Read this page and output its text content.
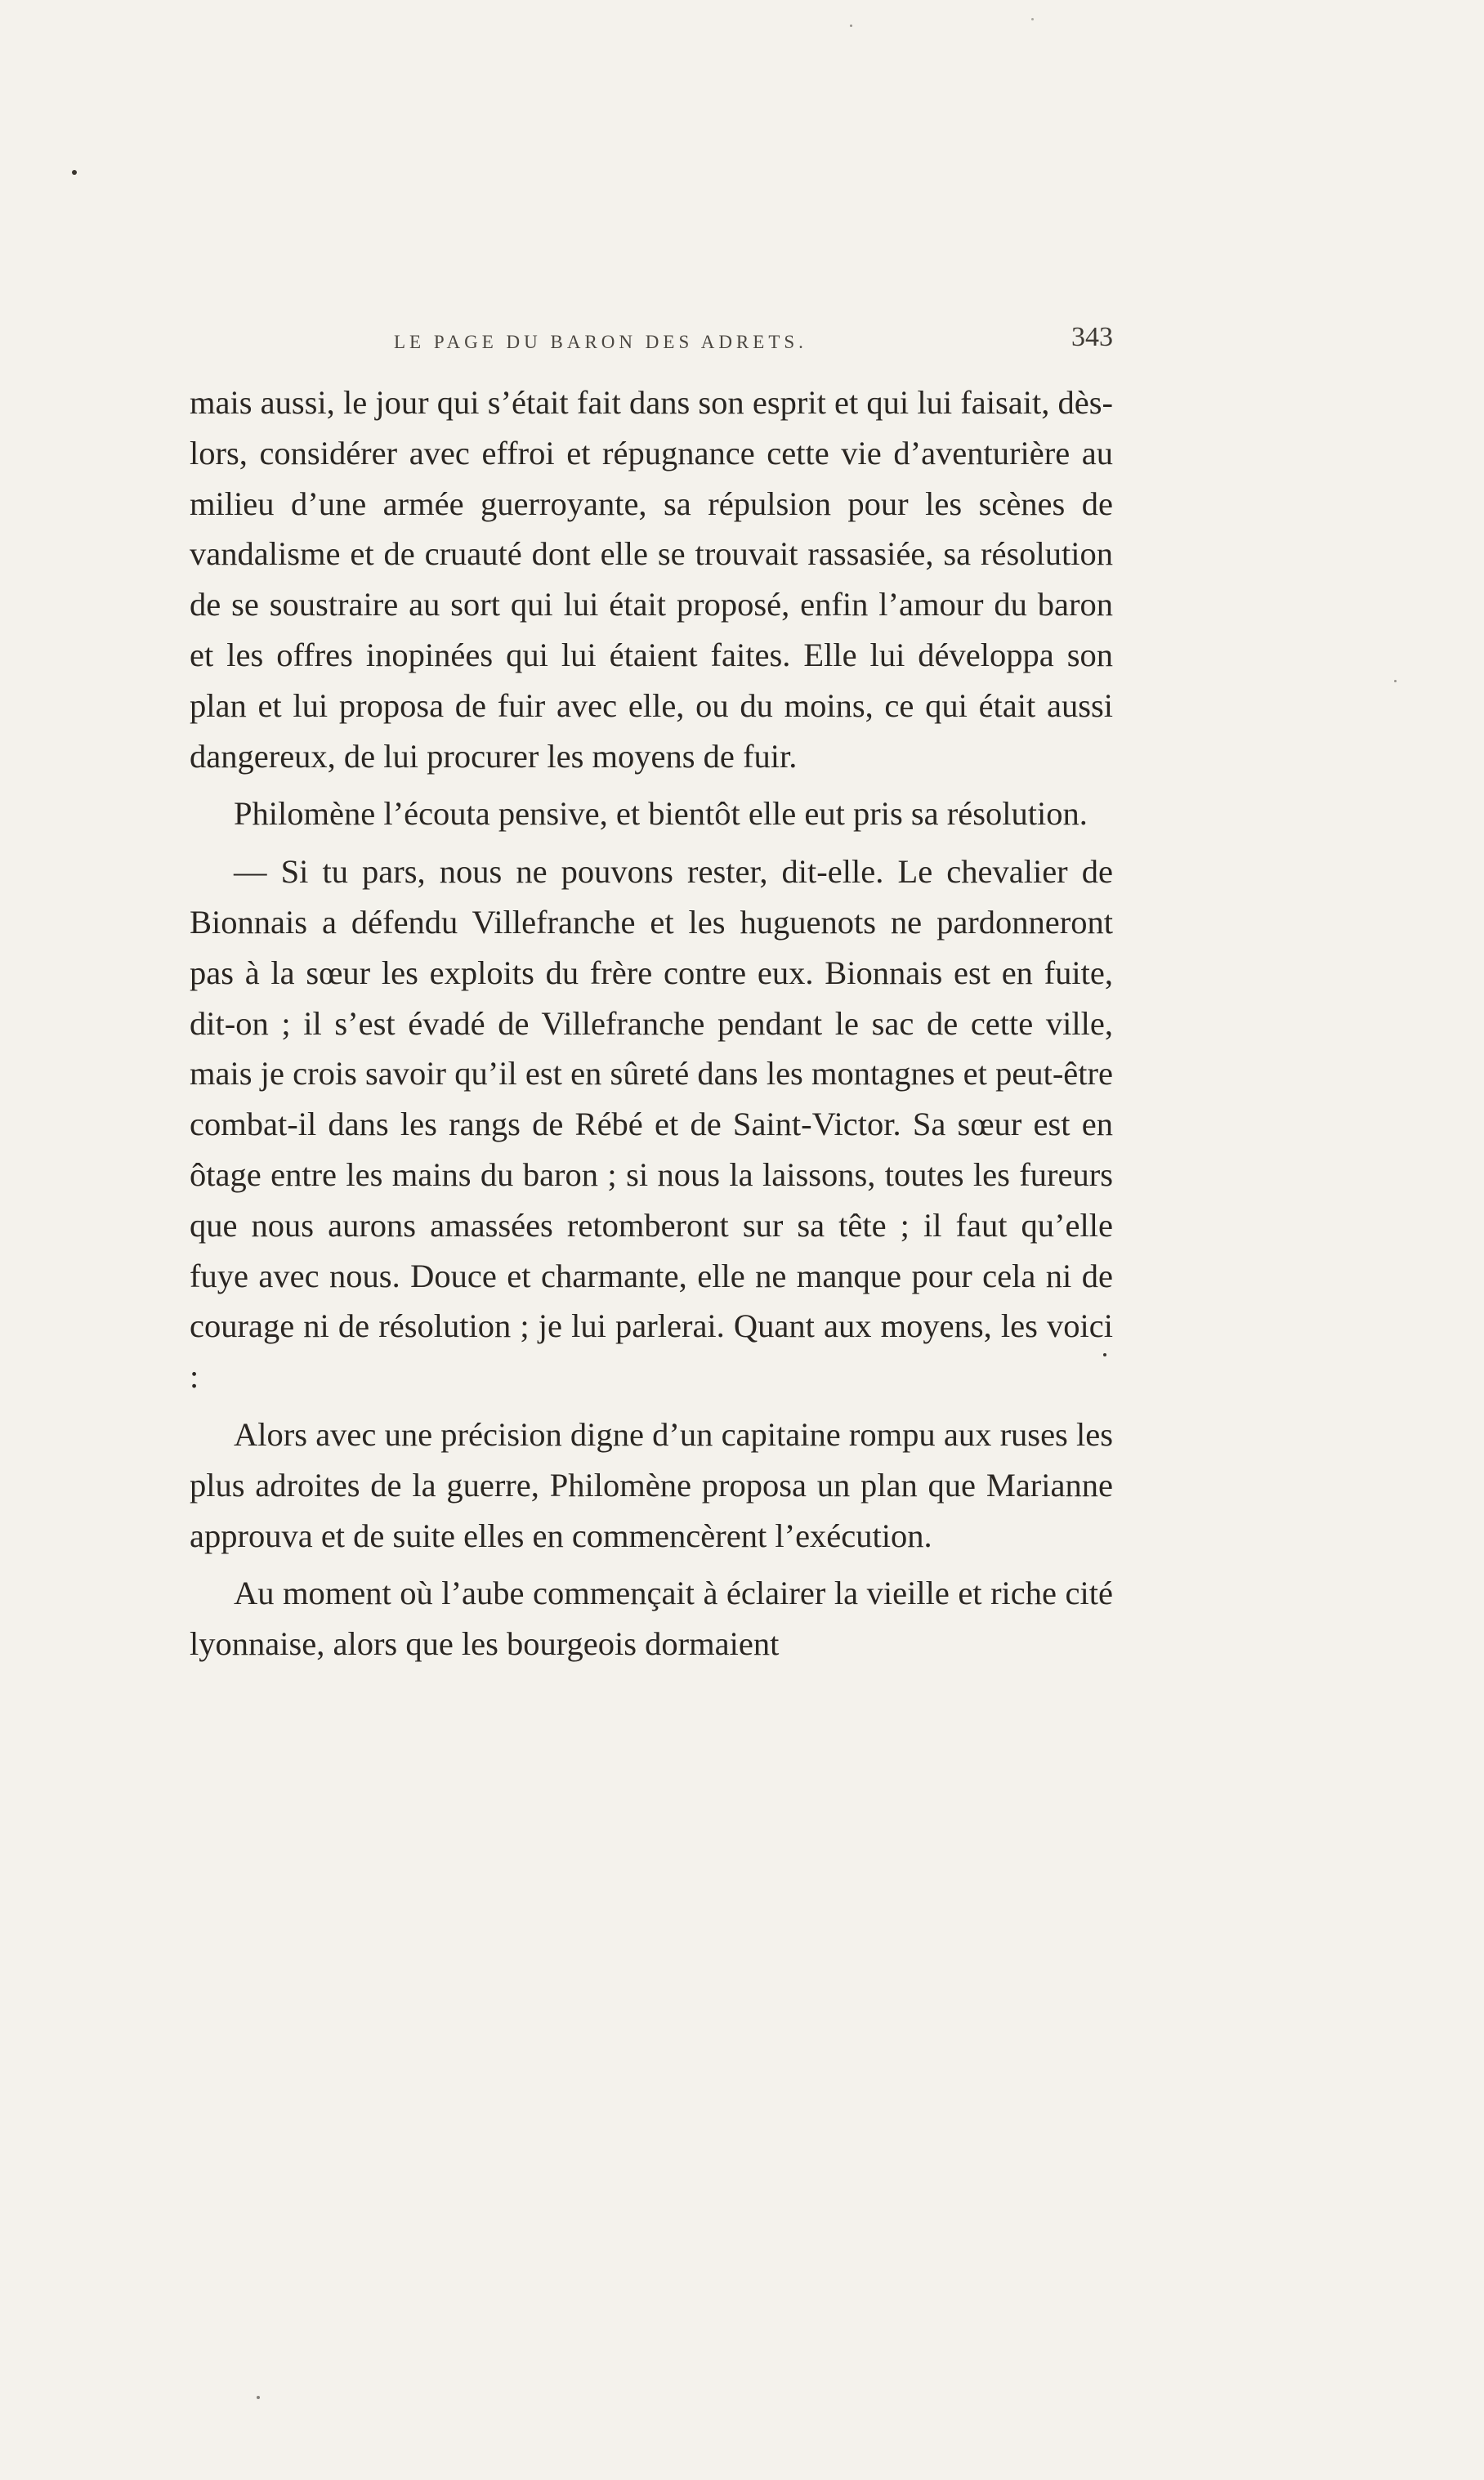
LE PAGE DU BARON DES ADRETS.	343

mais aussi, le jour qui s’était fait dans son esprit et qui lui faisait, dès-lors, considérer avec effroi et répugnance cette vie d’aventurière au milieu d’une armée guerroyante, sa répulsion pour les scènes de vandalisme et de cruauté dont elle se trouvait rassasiée, sa résolution de se soustraire au sort qui lui était proposé, enfin l’amour du baron et les offres inopinées qui lui étaient faites. Elle lui développa son plan et lui proposa de fuir avec elle, ou du moins, ce qui était aussi dangereux, de lui procurer les moyens de fuir.

Philomène l’écouta pensive, et bientôt elle eut pris sa résolution.

— Si tu pars, nous ne pouvons rester, dit-elle. Le chevalier de Bionnais a défendu Villefranche et les huguenots ne pardonneront pas à la sœur les exploits du frère contre eux. Bionnais est en fuite, dit-on ; il s’est évadé de Villefranche pendant le sac de cette ville, mais je crois savoir qu’il est en sûreté dans les montagnes et peut-être combat-il dans les rangs de Rébé et de Saint-Victor. Sa sœur est en ôtage entre les mains du baron ; si nous la laissons, toutes les fureurs que nous aurons amassées retomberont sur sa tête ; il faut qu’elle fuye avec nous. Douce et charmante, elle ne manque pour cela ni de courage ni de résolution ; je lui parlerai. Quant aux moyens, les voici :

Alors avec une précision digne d’un capitaine rompu aux ruses les plus adroites de la guerre, Philomène proposa un plan que Marianne approuva et de suite elles en commencèrent l’exécution.

Au moment où l’aube commençait à éclairer la vieille et riche cité lyonnaise, alors que les bourgeois dormaient
